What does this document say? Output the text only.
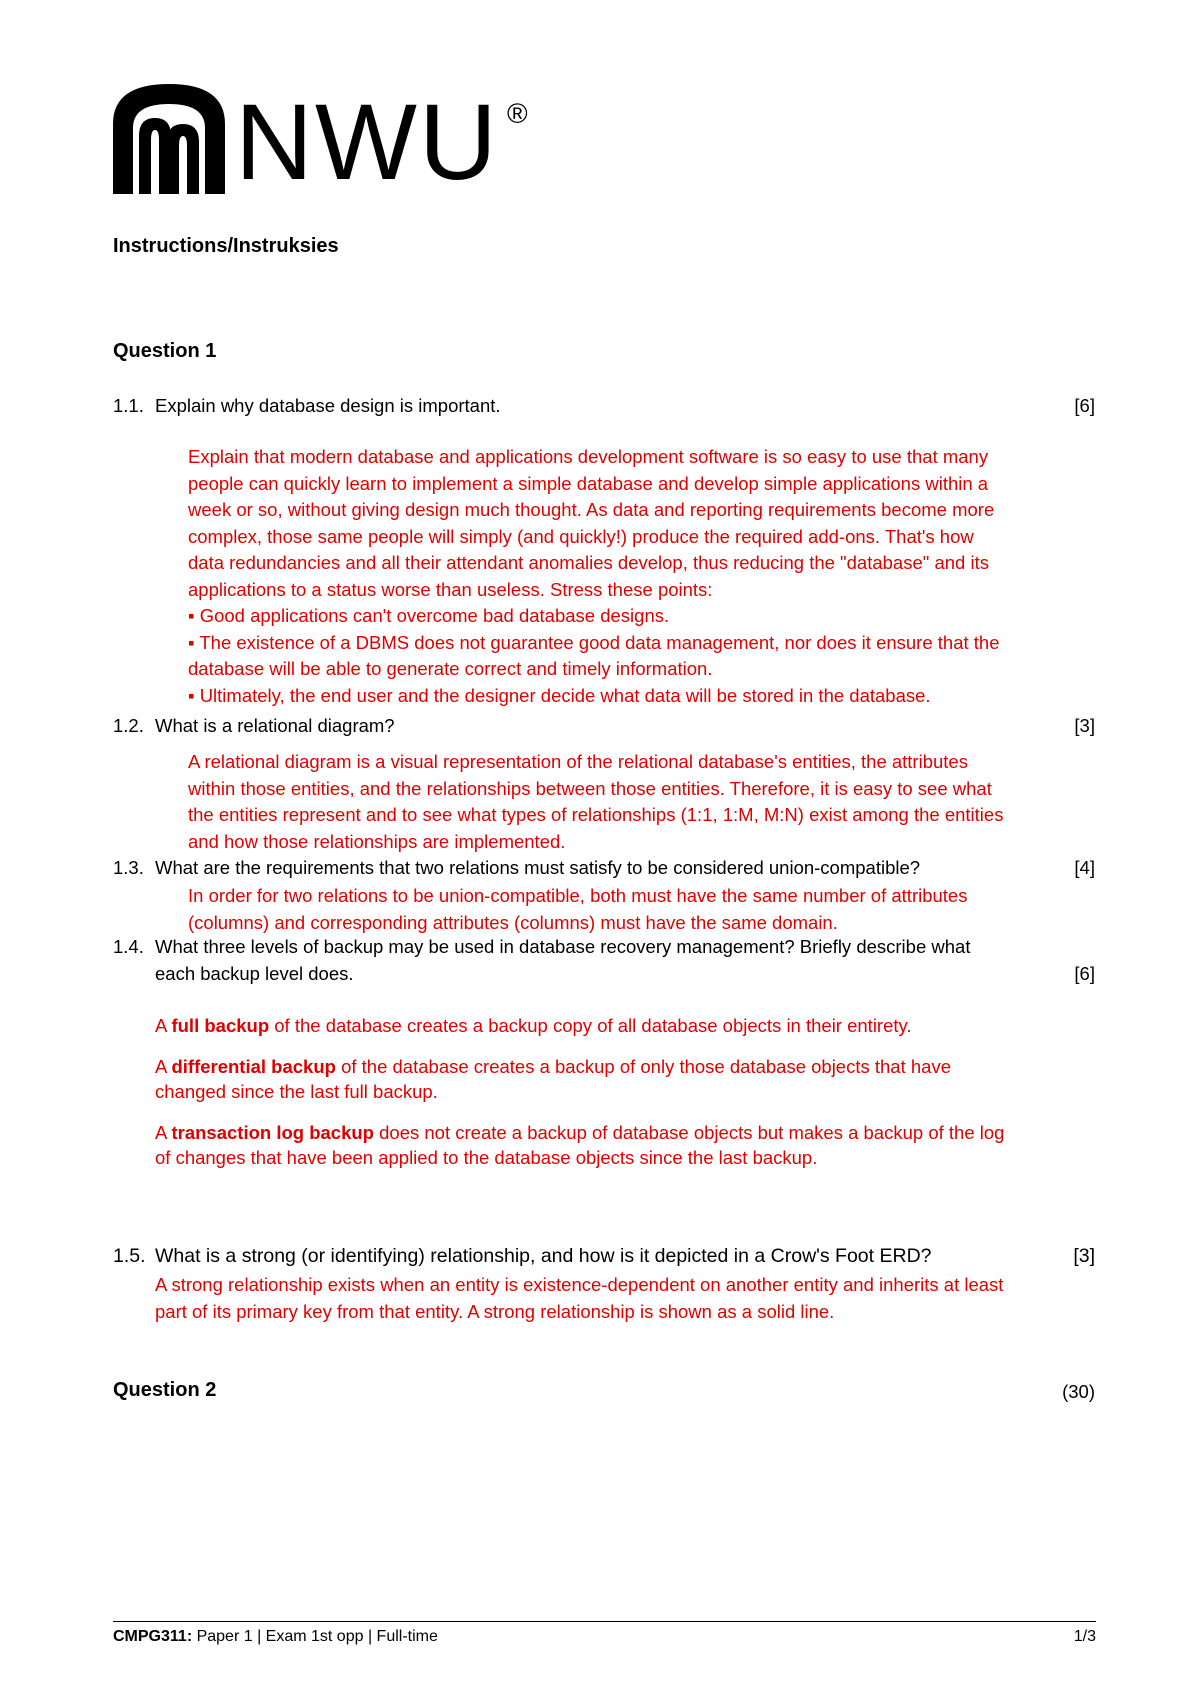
NWU ®
Instructions/Instruksies
Question 1
1.1. Explain why database design is important.	[6]

Explain that modern database and applications development software is so easy to use that many

people can quickly learn to implement a simple database and develop simple applications within a

week or so, without giving design much thought. As data and reporting requirements become more

complex, those same people will simply (and quickly!) produce the required add-ons. That's how

data redundancies and all their attendant anomalies develop, thus reducing the "database" and its

applications to a status worse than useless. Stress these points:

▪ Good applications can't overcome bad database designs.

▪ The existence of a DBMS does not guarantee good data management, nor does it ensure that the

database will be able to generate correct and timely information.

▪ Ultimately, the end user and the designer decide what data will be stored in the database.

1.2. What is a relational diagram?	[3]

A relational diagram is a visual representation of the relational database's entities, the attributes

within those entities, and the relationships between those entities. Therefore, it is easy to see what

the entities represent and to see what types of relationships (1:1, 1:M, M:N) exist among the entities

and how those relationships are implemented.

1.3. What are the requirements that two relations must satisfy to be considered union-compatible?	[4]

In order for two relations to be union-compatible, both must have the same number of attributes

(columns) and corresponding attributes (columns) must have the same domain.

1.4. What three levels of backup may be used in database recovery management? Briefly describe what
each backup level does.	[6]
A full backup of the database creates a backup copy of all database objects in their entirety.
A differential backup of the database creates a backup of only those database objects that have
changed since the last full backup.
A transaction log backup does not create a backup of database objects but makes a backup of the log
of changes that have been applied to the database objects since the last backup.
1.5. What is a strong (or identifying) relationship, and how is it depicted in a Crow's Foot ERD?	[3]

A strong relationship exists when an entity is existence-dependent on another entity and inherits at least

part of its primary key from that entity. A strong relationship is shown as a solid line.

Question 2	(30)
CMPG311: Paper 1 | Exam 1st opp | Full-time	1/3
